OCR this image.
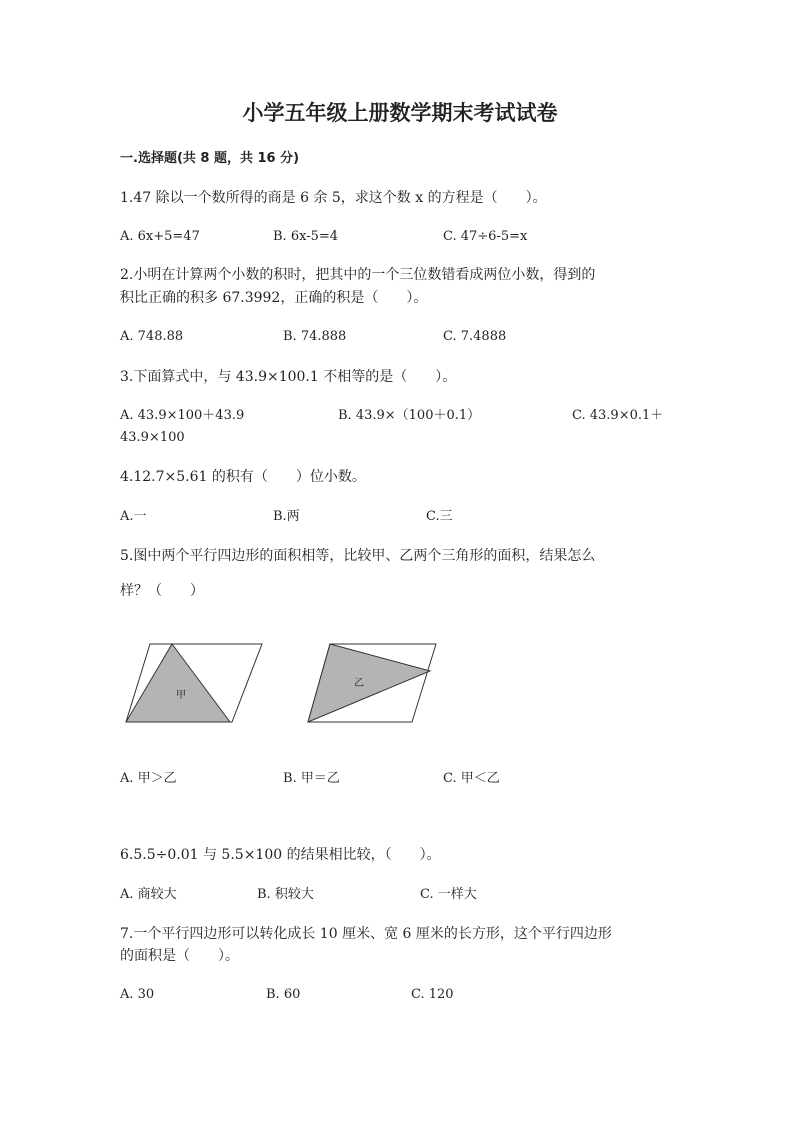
小学五年级上册数学期末考试试卷
一.选择题(共 8 题，共 16 分)
1.47 除以一个数所得的商是 6 余 5，求这个数 x 的方程是（　　）。
A. 6x+5=47	B. 6x-5=4	C. 47÷6-5=x
2.小明在计算两个小数的积时，把其中的一个三位数错看成两位小数，得到的
积比正确的积多 67.3992，正确的积是（　　）。
A. 748.88	B. 74.888	C. 7.4888
3.下面算式中，与 43.9×100.1 不相等的是（　　）。
A. 43.9×100＋43.9	B. 43.9×（100＋0.1）	C. 43.9×0.1＋
43.9×100
4.12.7×5.61 的积有（　　）位小数。
A.一	B.两	C.三
5.图中两个平行四边形的面积相等，比较甲、乙两个三角形的面积，结果怎么
样？（　　）
甲
乙
A. 甲＞乙	B. 甲＝乙	C. 甲＜乙
6.5.5÷0.01 与 5.5×100 的结果相比较，（　　）。
A. 商较大	B. 积较大	C. 一样大
7.一个平行四边形可以转化成长 10 厘米、宽 6 厘米的长方形，这个平行四边形
的面积是（　　）。
A. 30	B. 60	C. 120
